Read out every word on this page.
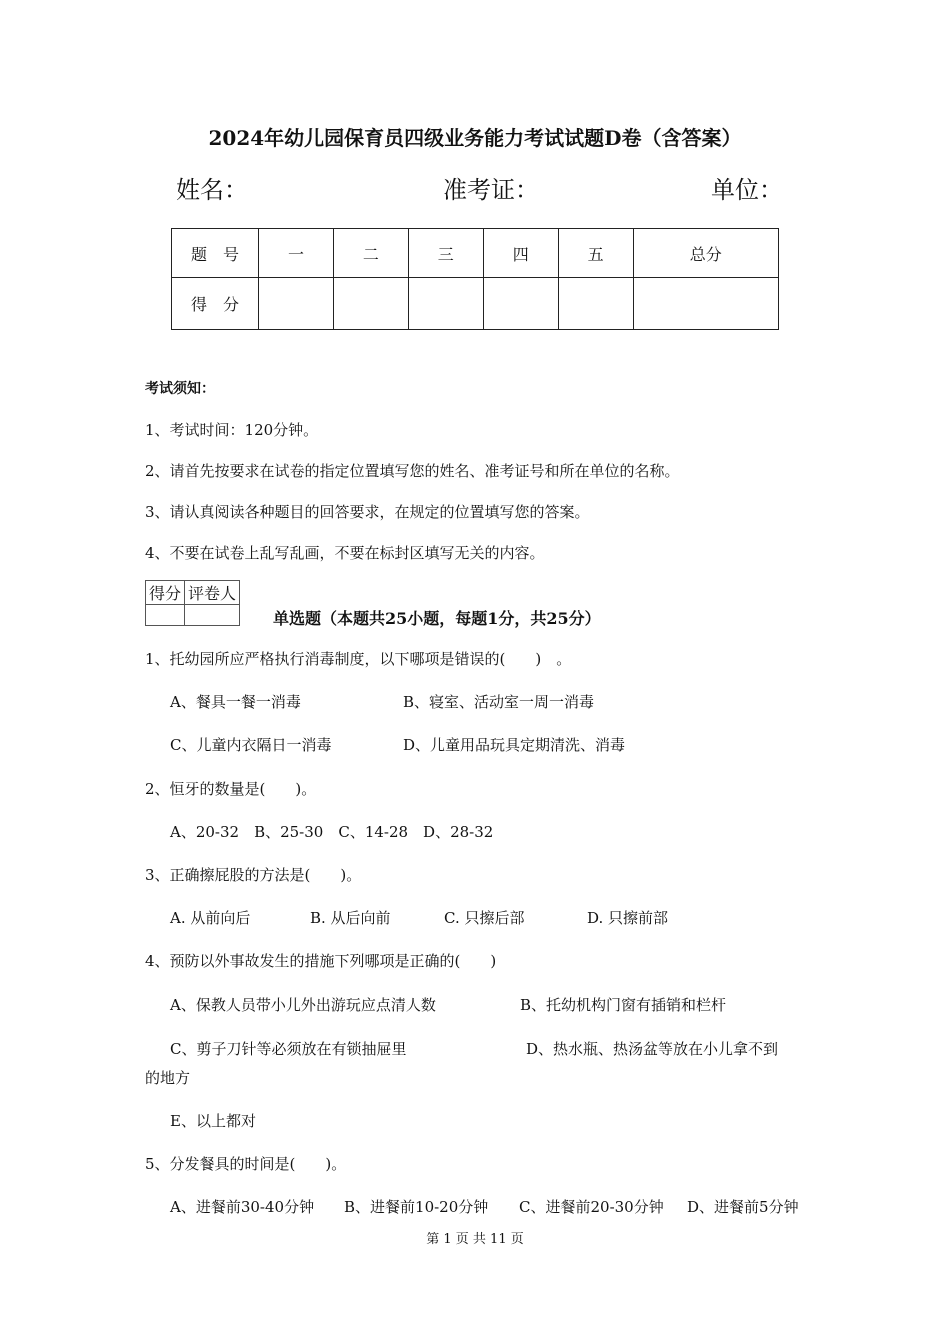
2024年幼儿园保育员四级业务能力考试试题D卷（含答案）
姓名：	准考证：	单位：
题　号	一	二	三	四	五	总分
得　分						
考试须知：
1、考试时间：120分钟。
2、请首先按要求在试卷的指定位置填写您的姓名、准考证号和所在单位的名称。
3、请认真阅读各种题目的回答要求，在规定的位置填写您的答案。
4、不要在试卷上乱写乱画，不要在标封区填写无关的内容。
得分	评卷人

单选题（本题共25小题，每题1分，共25分）
1、托幼园所应严格执行消毒制度，以下哪项是错误的(　　)　。
A、餐具一餐一消毒	B、寝室、活动室一周一消毒
C、儿童内衣隔日一消毒	D、儿童用品玩具定期清洗、消毒
2、恒牙的数量是(　　)。
A、20-32　B、25-30　C、14-28　D、28-32
3、正确擦屁股的方法是(　　)。
A. 从前向后	B. 从后向前	C. 只擦后部	D. 只擦前部
4、预防以外事故发生的措施下列哪项是正确的(　　)
A、保教人员带小儿外出游玩应点清人数	B、托幼机构门窗有插销和栏杆
C、剪子刀针等必须放在有锁抽屉里	D、热水瓶、热汤盆等放在小儿拿不到
的地方
E、以上都对
5、分发餐具的时间是(　　)。
A、进餐前30-40分钟 B、进餐前10-20分钟 C、进餐前20-30分钟 D、进餐前5分钟
第 1 页 共 11 页
